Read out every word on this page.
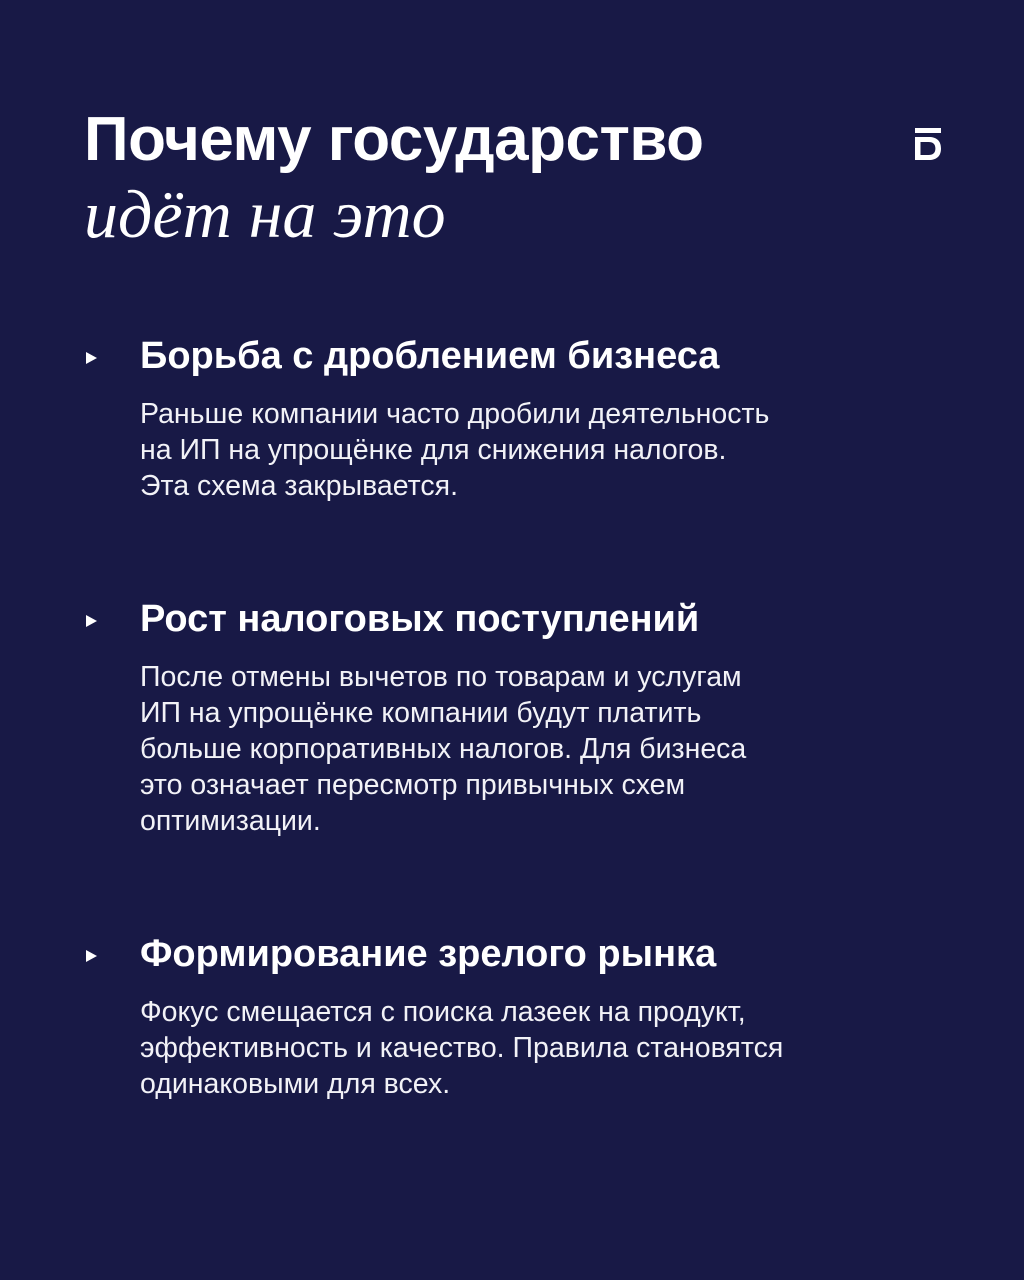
Почему государство
идёт на это
Борьба с дроблением бизнеса

Раньше компании часто дробили деятельность
на ИП на упрощёнке для снижения налогов.
Эта схема закрывается.

Рост налоговых поступлений

После отмены вычетов по товарам и услугам
ИП на упрощёнке компании будут платить
больше корпоративных налогов. Для бизнеса
это означает пересмотр привычных схем
оптимизации.

Формирование зрелого рынка

Фокус смещается с поиска лазеек на продукт,
эффективность и качество. Правила становятся
одинаковыми для всех.
